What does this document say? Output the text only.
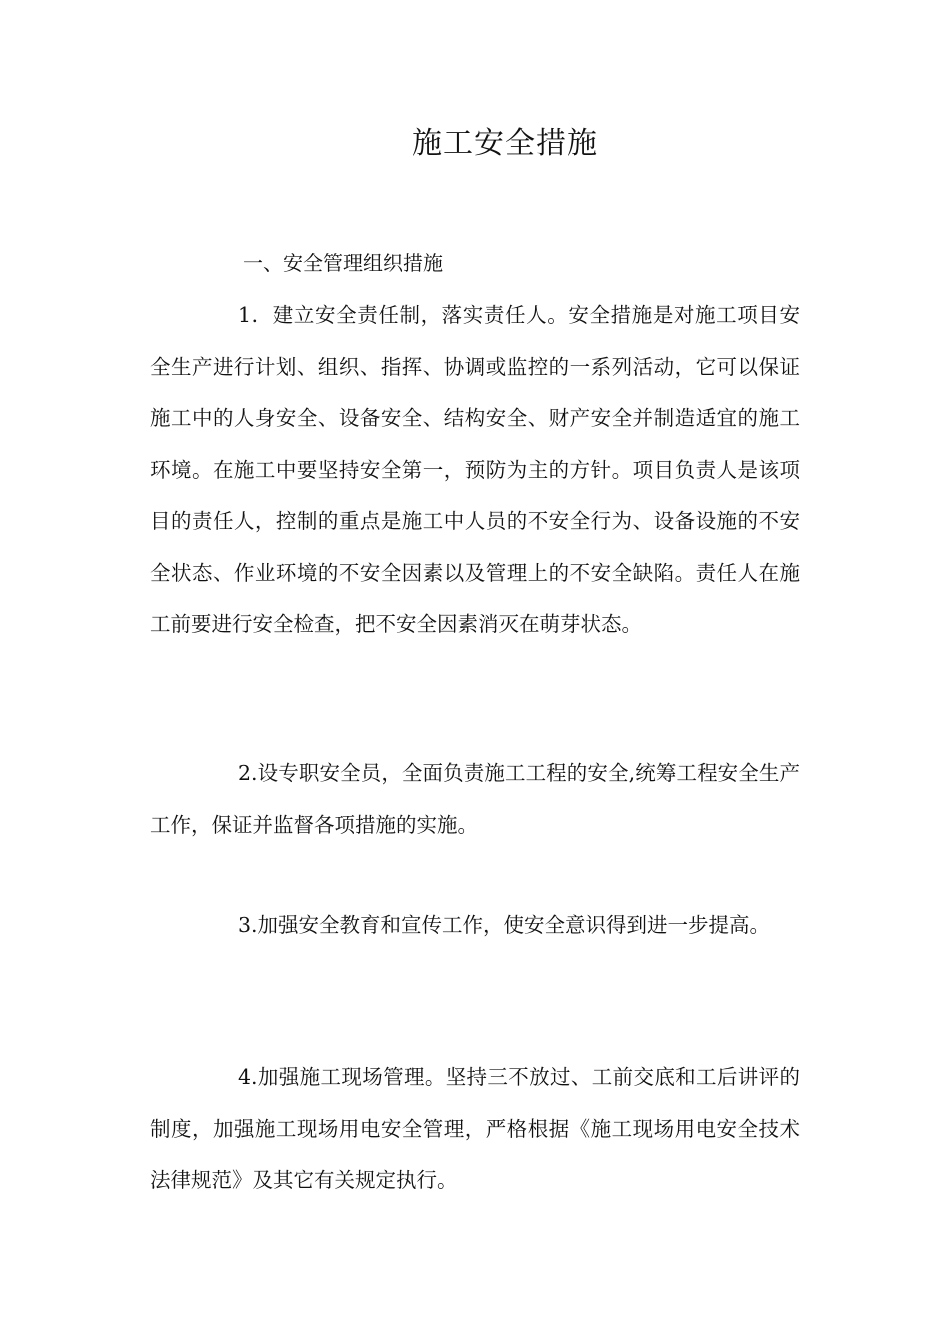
施工安全措施
一、安全管理组织措施

1．建立安全责任制，落实责任人。安全措施是对施工项目安全生产进行计划、组织、指挥、协调或监控的一系列活动，它可以保证施工中的人身安全、设备安全、结构安全、财产安全并制造适宜的施工环境。在施工中要坚持安全第一，预防为主的方针。项目负责人是该项目的责任人，控制的重点是施工中人员的不安全行为、设备设施的不安全状态、作业环境的不安全因素以及管理上的不安全缺陷。责任人在施工前要进行安全检查，把不安全因素消灭在萌芽状态。

2.设专职安全员，全面负责施工工程的安全,统筹工程安全生产工作，保证并监督各项措施的实施。

3.加强安全教育和宣传工作，使安全意识得到进一步提高。

4.加强施工现场管理。坚持三不放过、工前交底和工后讲评的制度，加强施工现场用电安全管理，严格根据《施工现场用电安全技术法律规范》及其它有关规定执行。
